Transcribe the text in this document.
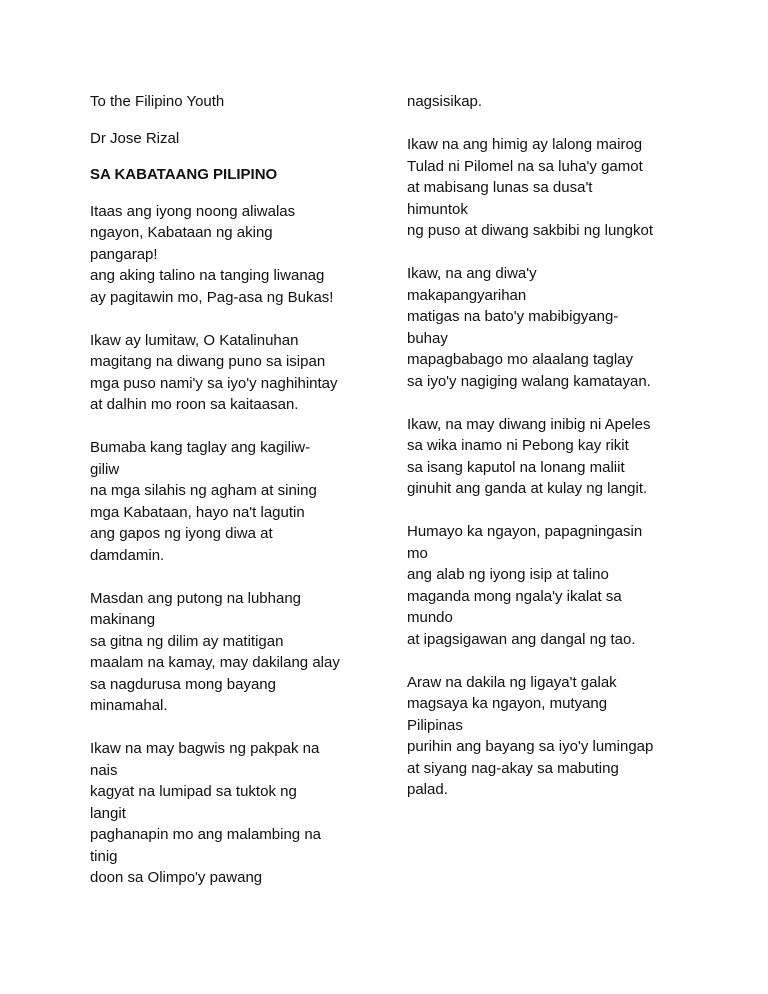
To the Filipino Youth
Dr Jose Rizal
SA KABATAANG PILIPINO
Itaas ang iyong noong aliwalas
ngayon, Kabataan ng aking
pangarap!
ang aking talino na tanging liwanag
ay pagitawin mo, Pag-asa ng Bukas!
Ikaw ay lumitaw, O Katalinuhan
magitang na diwang puno sa isipan
mga puso nami'y sa iyo'y naghihintay
at dalhin mo roon sa kaitaasan.
Bumaba kang taglay ang kagiliw-
giliw
na mga silahis ng agham at sining
mga Kabataan, hayo na't lagutin
ang gapos ng iyong diwa at
damdamin.
Masdan ang putong na lubhang
makinang
sa gitna ng dilim ay matitigan
maalam na kamay, may dakilang alay
sa nagdurusa mong bayang
minamahal.
Ikaw na may bagwis ng pakpak na
nais
kagyat na lumipad sa tuktok ng
langit
paghanapin mo ang malambing na
tinig
doon sa Olimpo'y pawang
nagsisikap.
Ikaw na ang himig ay lalong mairog
Tulad ni Pilomel na sa luha'y gamot
at mabisang lunas sa dusa't
himuntok
ng puso at diwang sakbibi ng lungkot
Ikaw, na ang diwa'y
makapangyarihan
matigas na bato'y mabibigyang-
buhay
mapagbabago mo alaalang taglay
sa iyo'y nagiging walang kamatayan.
Ikaw, na may diwang inibig ni Apeles
sa wika inamo ni Pebong kay rikit
sa isang kaputol na lonang maliit
ginuhit ang ganda at kulay ng langit.
Humayo ka ngayon, papagningasin
mo
ang alab ng iyong isip at talino
maganda mong ngala'y ikalat sa
mundo
at ipagsigawan ang dangal ng tao.
Araw na dakila ng ligaya't galak
magsaya ka ngayon, mutyang
Pilipinas
purihin ang bayang sa iyo'y lumingap
at siyang nag-akay sa mabuting
palad.
